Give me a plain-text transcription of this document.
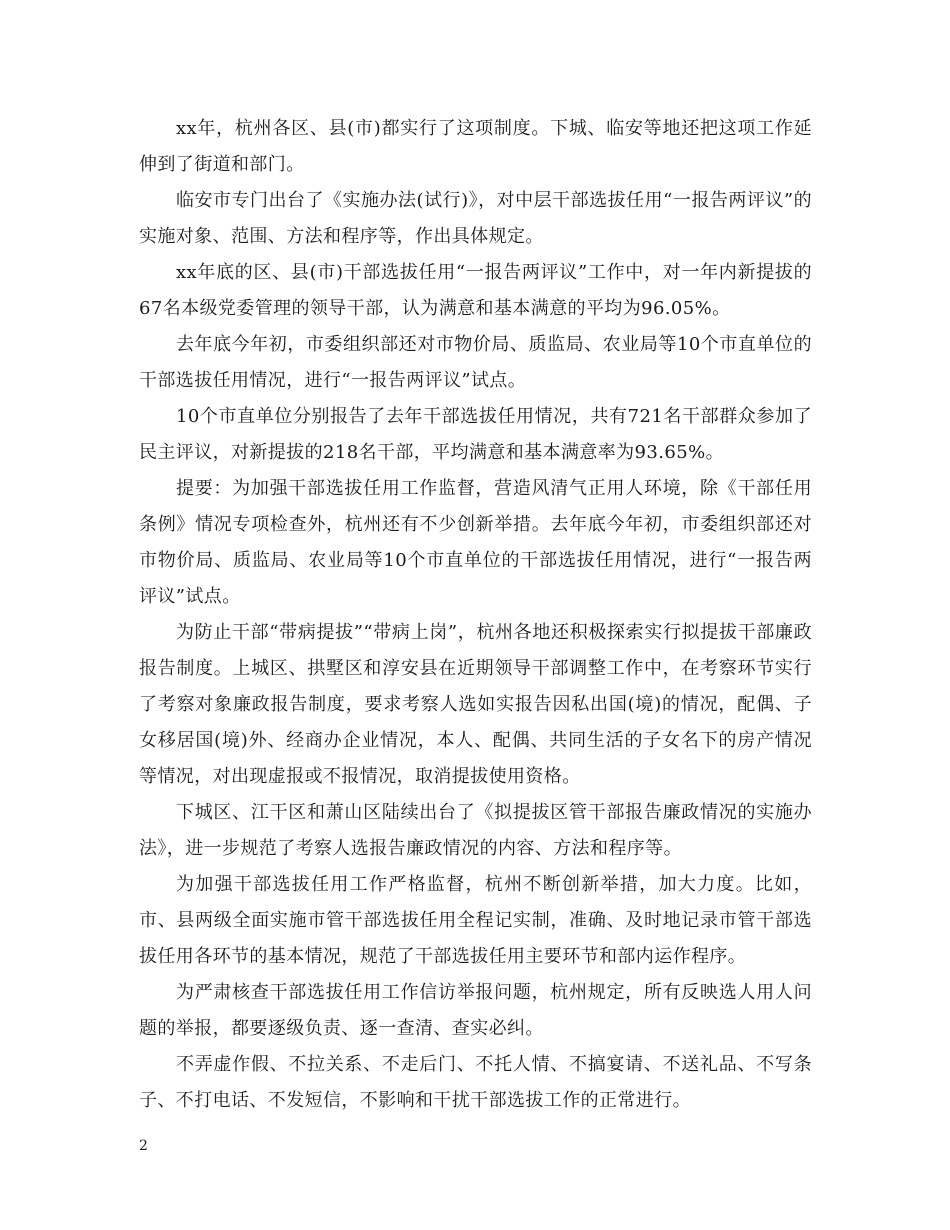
xx年，杭州各区、县(市)都实行了这项制度。下城、临安等地还把这项工作延伸到了街道和部门。

临安市专门出台了《实施办法(试行)》，对中层干部选拔任用“一报告两评议”的实施对象、范围、方法和程序等，作出具体规定。

xx年底的区、县(市)干部选拔任用“一报告两评议”工作中，对一年内新提拔的67名本级党委管理的领导干部，认为满意和基本满意的平均为96.05%。

去年底今年初，市委组织部还对市物价局、质监局、农业局等10个市直单位的干部选拔任用情况，进行“一报告两评议”试点。

10个市直单位分别报告了去年干部选拔任用情况，共有721名干部群众参加了民主评议，对新提拔的218名干部，平均满意和基本满意率为93.65%。

提要：为加强干部选拔任用工作监督，营造风清气正用人环境，除《干部任用条例》情况专项检查外，杭州还有不少创新举措。去年底今年初，市委组织部还对市物价局、质监局、农业局等10个市直单位的干部选拔任用情况，进行“一报告两评议”试点。

为防止干部“带病提拔”“带病上岗”，杭州各地还积极探索实行拟提拔干部廉政报告制度。上城区、拱墅区和淳安县在近期领导干部调整工作中，在考察环节实行了考察对象廉政报告制度，要求考察人选如实报告因私出国(境)的情况，配偶、子女移居国(境)外、经商办企业情况，本人、配偶、共同生活的子女名下的房产情况等情况，对出现虚报或不报情况，取消提拔使用资格。

下城区、江干区和萧山区陆续出台了《拟提拔区管干部报告廉政情况的实施办法》，进一步规范了考察人选报告廉政情况的内容、方法和程序等。

为加强干部选拔任用工作严格监督，杭州不断创新举措，加大力度。比如，市、县两级全面实施市管干部选拔任用全程记实制，准确、及时地记录市管干部选拔任用各环节的基本情况，规范了干部选拔任用主要环节和部内运作程序。

为严肃核查干部选拔任用工作信访举报问题，杭州规定，所有反映选人用人问题的举报，都要逐级负责、逐一查清、查实必纠。

不弄虚作假、不拉关系、不走后门、不托人情、不搞宴请、不送礼品、不写条子、不打电话、不发短信，不影响和干扰干部选拔工作的正常进行。

2
